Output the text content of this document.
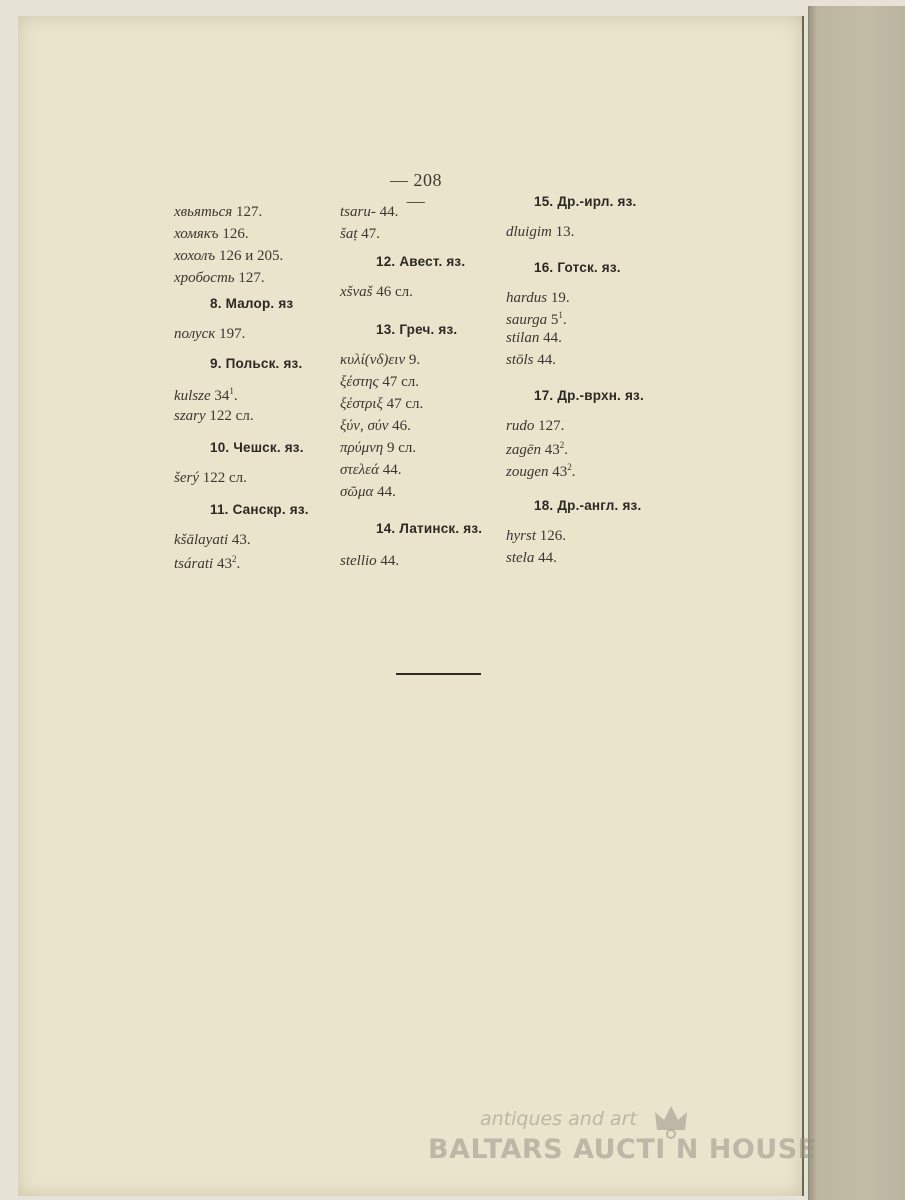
— 208 —
хвьяться 127.
хомякъ 126.
хохолъ 126 и 205.
хробость 127.
8. Малор. яз
полуск 197.
9. Польск. яз.
kulsze $34^1$.
szary 122 сл.
10. Чешск. яз.
šerý 122 сл.
11. Санскр. яз.
kšālayati 43.
tsárati $43^2$.
tsaru- 44.
šaṭ 47.
12. Авест. яз.
xšvaš 46 сл.
13. Греч. яз.
κυλί(νδ)ειν 9.
ξέστης 47 сл.
ξέστριξ 47 сл.
ξύν, σύν 46.
πρύμνη 9 сл.
στελεά 44.
σῶμα 44.
14. Латинск. яз.
stellio 44.
15. Др.-ирл. яз.
dluigim 13.
16. Готск. яз.
hardus 19.
saurga $5^1$.
stilan 44.
stōls 44.
17. Др.-врхн. яз.
rudo 127.
zagēn $43^2$.
zougen $43^2$.
18. Др.-англ. яз.
hyrst 126.
stela 44.
antiques and art
BALTARS AUCTI N HOUSE
